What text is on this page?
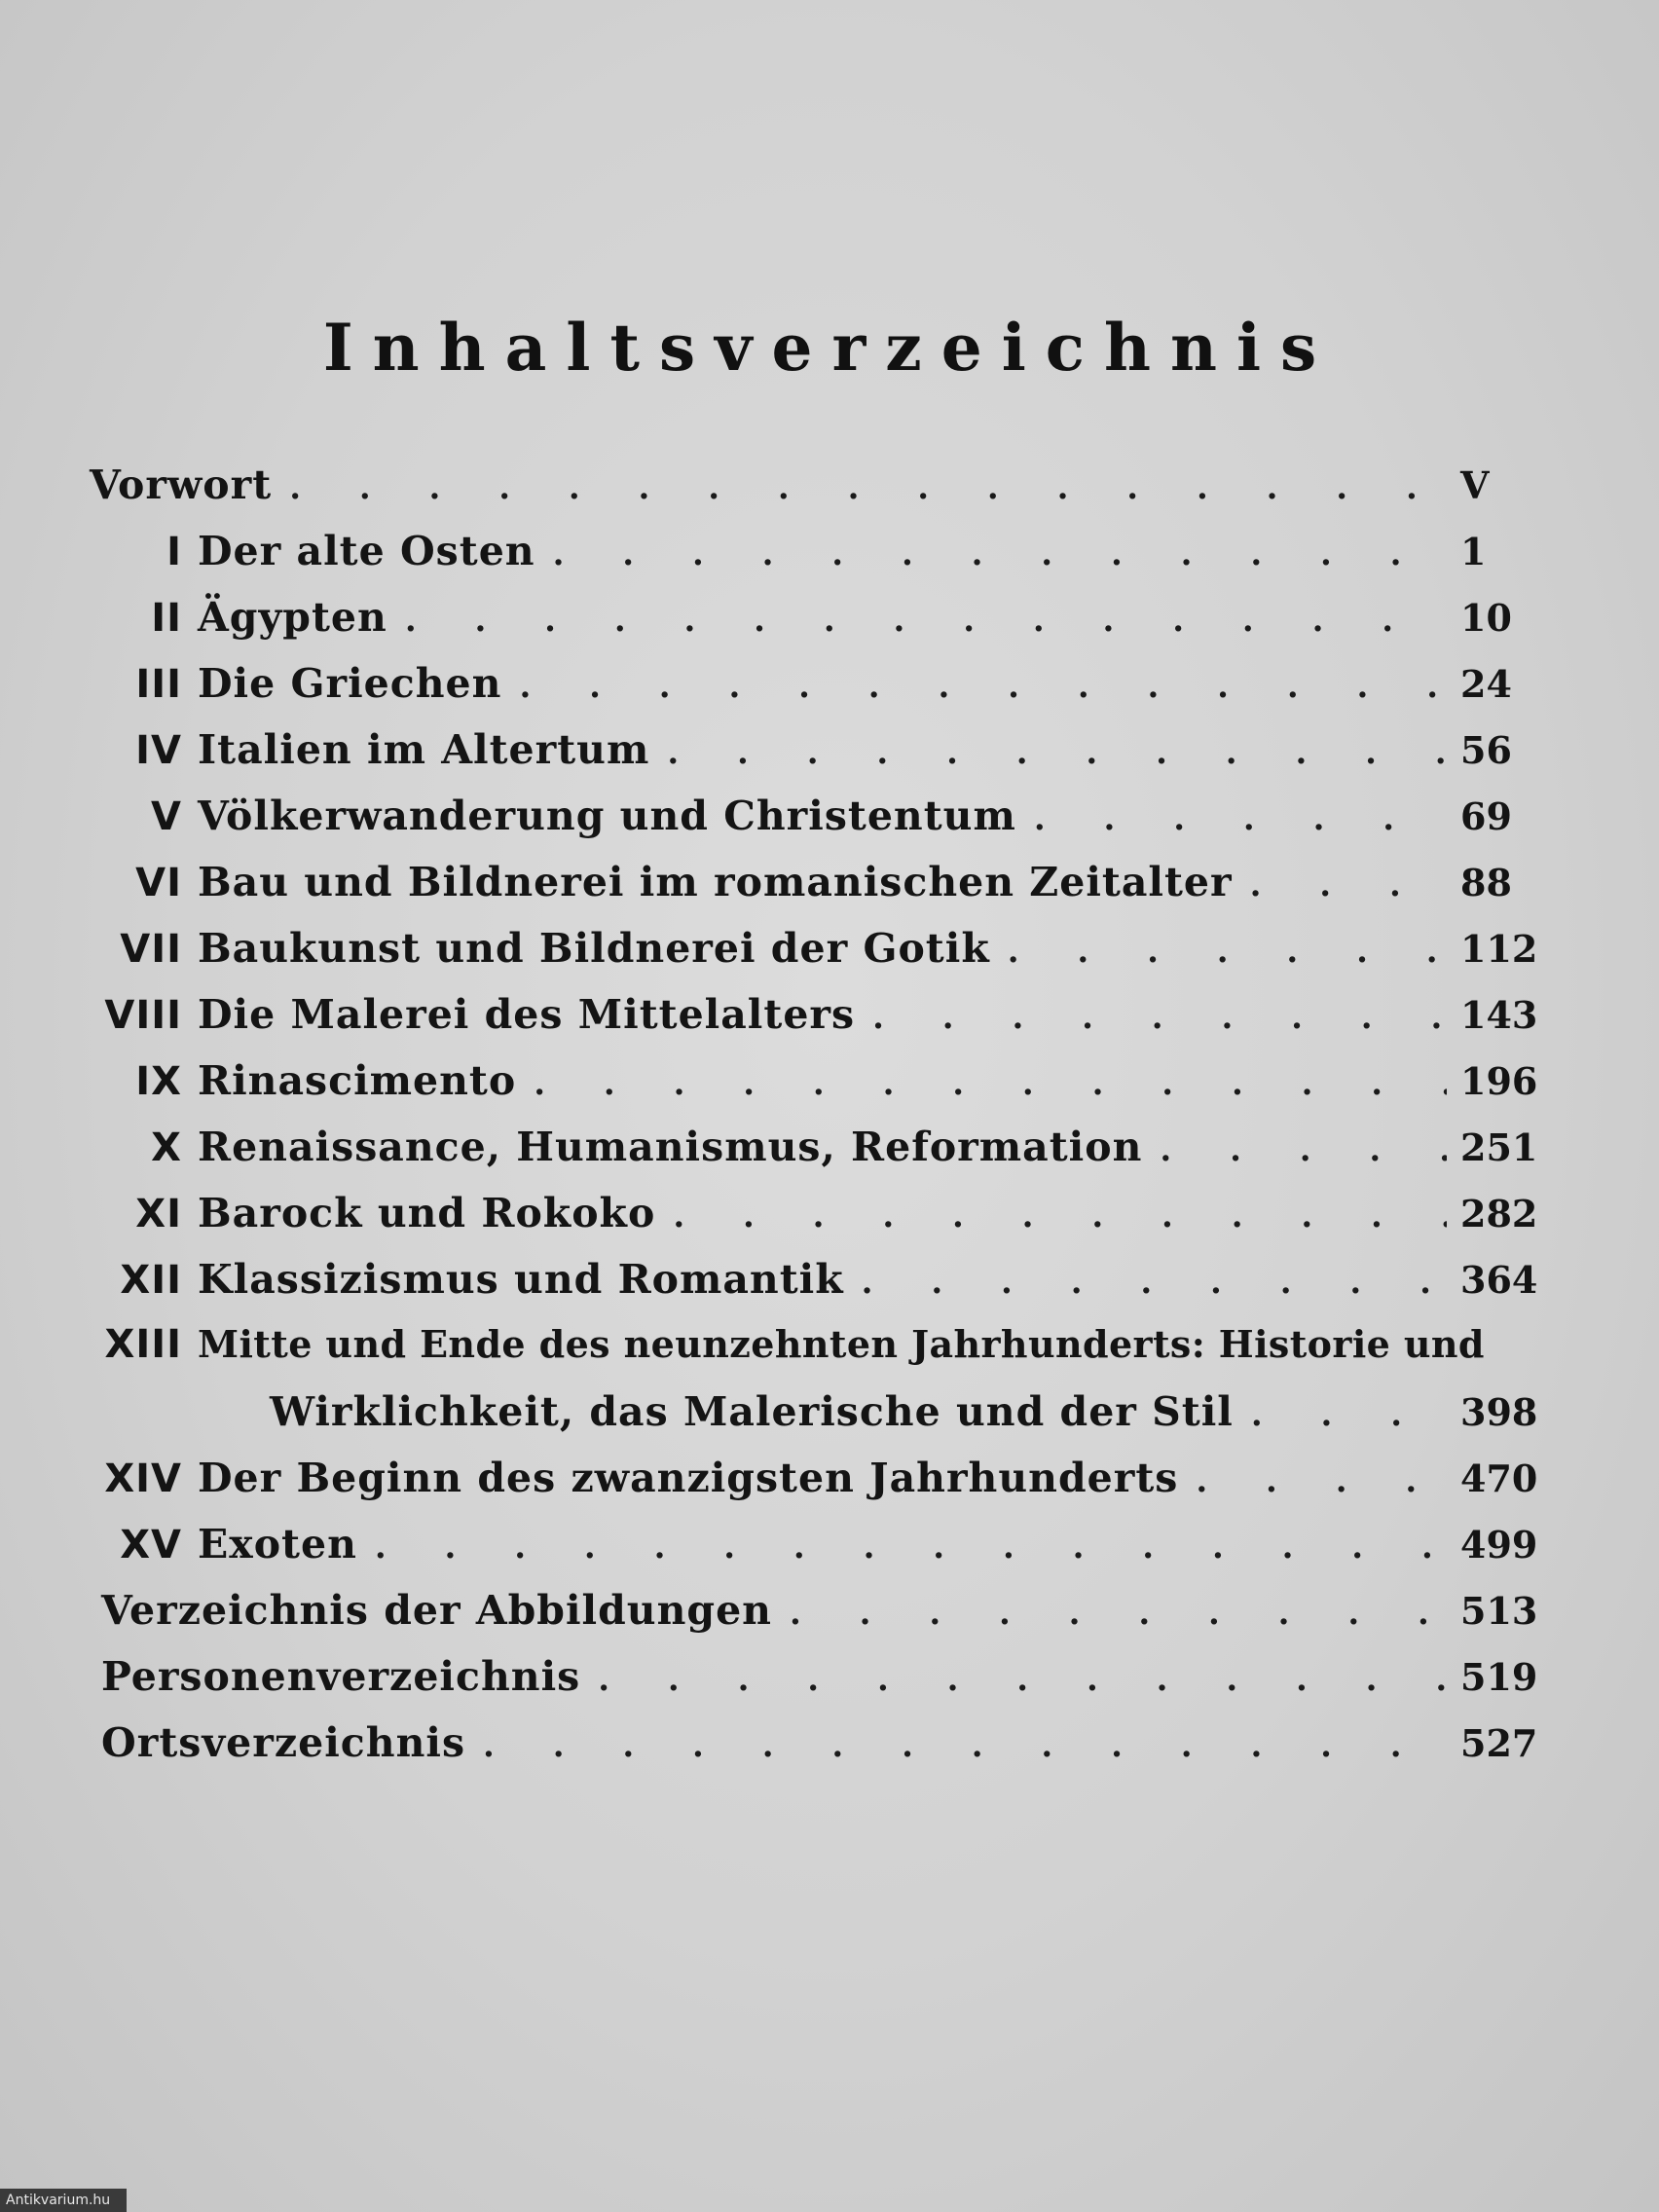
Inhaltsverzeichnis
Vorwort . . .	V
I Der alte Osten . . .	1
II Ägypten . . .	10
III Die Griechen . . .	24
IV Italien im Altertum . . .	56
V Völkerwanderung und Christentum . . .	69
VI Bau und Bildnerei im romanischen Zeitalter . . .	88
VII Baukunst und Bildnerei der Gotik . . .	112
VIII Die Malerei des Mittelalters . . .	143
IX Rinascimento . . .	196
X Renaissance, Humanismus, Reformation . . .	251
XI Barock und Rokoko . . .	282
XII Klassizismus und Romantik . . .	364
XIII Mitte und Ende des neunzehnten Jahrhunderts: Historie und
Wirklichkeit, das Malerische und der Stil . . .	398
XIV Der Beginn des zwanzigsten Jahrhunderts . . .	470
XV Exoten . . .	499
Verzeichnis der Abbildungen . . .	513
Personenverzeichnis . . .	519
Ortsverzeichnis . . .	527
Antikvarium.hu
